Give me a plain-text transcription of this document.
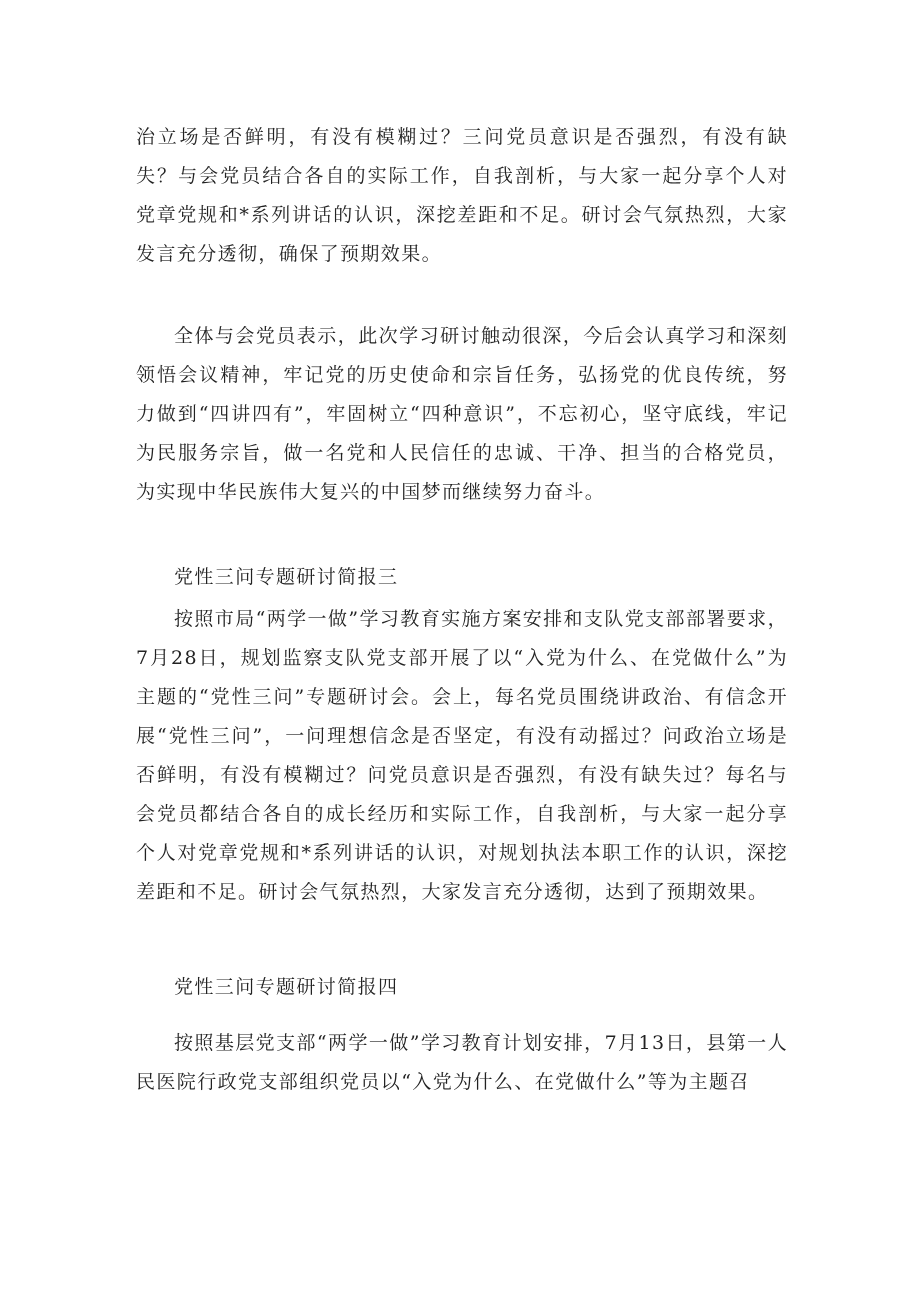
治立场是否鲜明，有没有模糊过？三问党员意识是否强烈，有没有缺失？与会党员结合各自的实际工作，自我剖析，与大家一起分享个人对党章党规和*系列讲话的认识，深挖差距和不足。研讨会气氛热烈，大家发言充分透彻，确保了预期效果。

全体与会党员表示，此次学习研讨触动很深，今后会认真学习和深刻领悟会议精神，牢记党的历史使命和宗旨任务，弘扬党的优良传统，努力做到“四讲四有”，牢固树立“四种意识”，不忘初心，坚守底线，牢记为民服务宗旨，做一名党和人民信任的忠诚、干净、担当的合格党员，为实现中华民族伟大复兴的中国梦而继续努力奋斗。

党性三问专题研讨简报三

按照市局“两学一做”学习教育实施方案安排和支队党支部部署要求，7月28日，规划监察支队党支部开展了以“入党为什么、在党做什么”为主题的“党性三问”专题研讨会。会上，每名党员围绕讲政治、有信念开展“党性三问”，一问理想信念是否坚定，有没有动摇过？问政治立场是否鲜明，有没有模糊过？问党员意识是否强烈，有没有缺失过？每名与会党员都结合各自的成长经历和实际工作，自我剖析，与大家一起分享个人对党章党规和*系列讲话的认识，对规划执法本职工作的认识，深挖差距和不足。研讨会气氛热烈，大家发言充分透彻，达到了预期效果。

党性三问专题研讨简报四

按照基层党支部“两学一做”学习教育计划安排，7月13日，县第一人民医院行政党支部组织党员以“入党为什么、在党做什么”等为主题召
